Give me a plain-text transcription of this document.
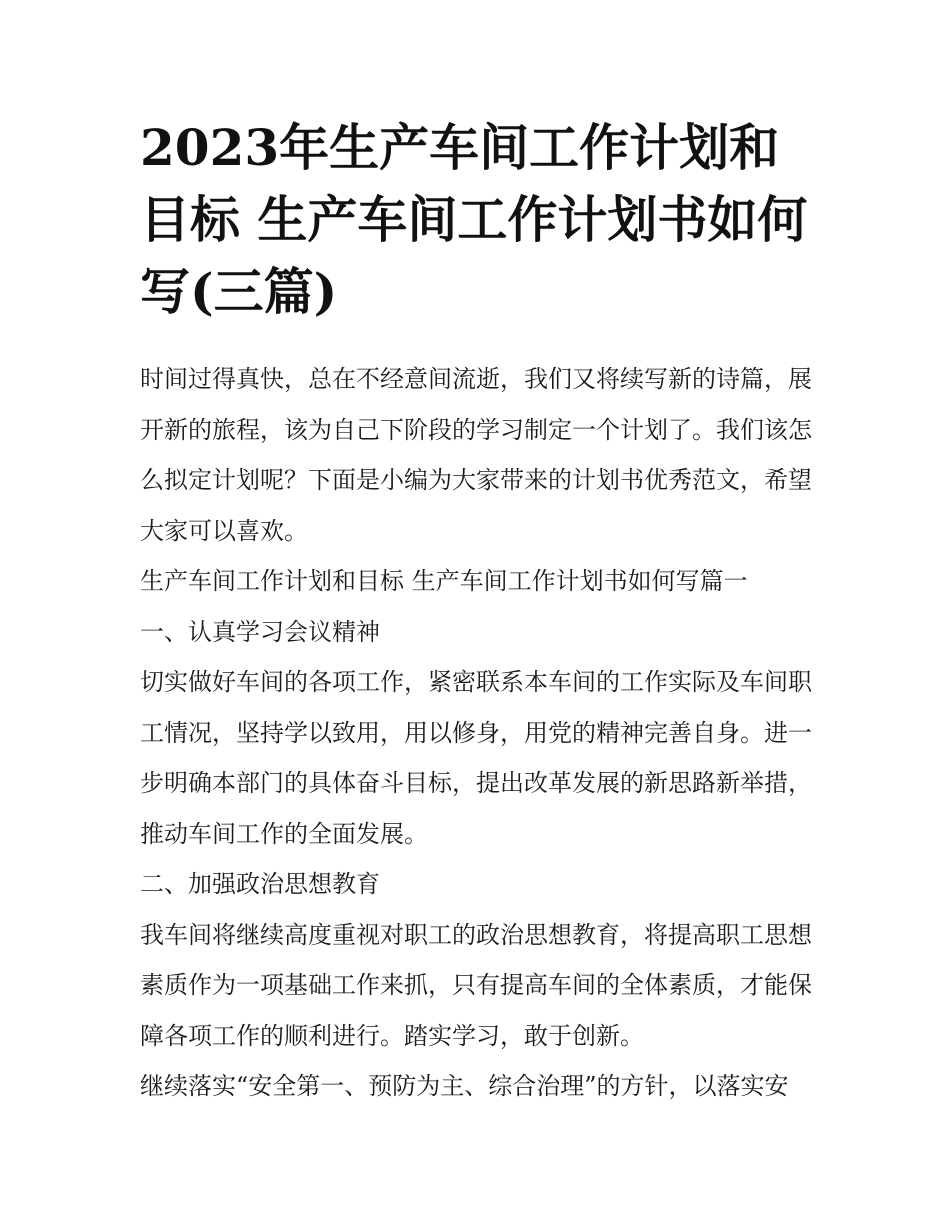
2023年生产车间工作计划和目标 生产车间工作计划书如何写(三篇)

时间过得真快，总在不经意间流逝，我们又将续写新的诗篇，展开新的旅程，该为自己下阶段的学习制定一个计划了。我们该怎么拟定计划呢？下面是小编为大家带来的计划书优秀范文，希望大家可以喜欢。

生产车间工作计划和目标 生产车间工作计划书如何写篇一

一、认真学习会议精神

切实做好车间的各项工作，紧密联系本车间的工作实际及车间职工情况，坚持学以致用，用以修身，用党的精神完善自身。进一步明确本部门的具体奋斗目标，提出改革发展的新思路新举措，推动车间工作的全面发展。

二、加强政治思想教育

我车间将继续高度重视对职工的政治思想教育，将提高职工思想素质作为一项基础工作来抓，只有提高车间的全体素质，才能保障各项工作的顺利进行。踏实学习，敢于创新。

继续落实“安全第一、预防为主、综合治理”的方针，以落实安
